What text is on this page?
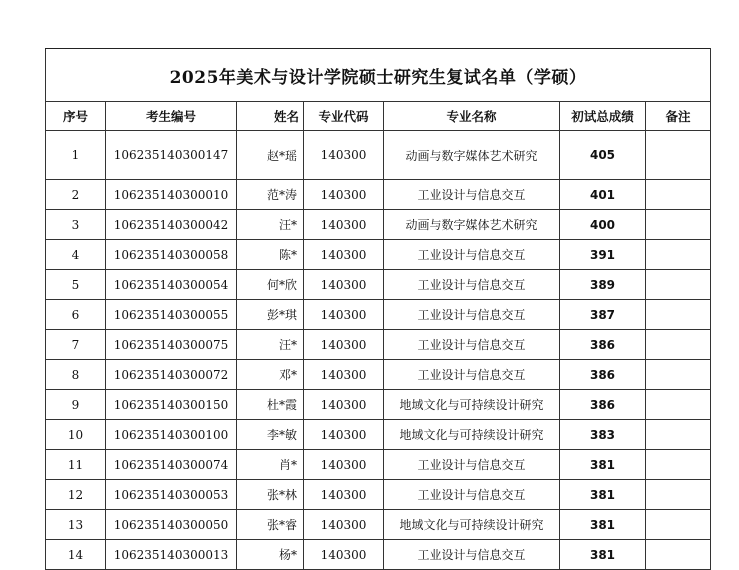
2025年美术与设计学院硕士研究生复试名单（学硕）						
序号	考生编号	姓名	专业代码	专业名称	初试总成绩	备注
1	106235140300147	赵*瑶	140300	动画与数字媒体艺术研究	405	
2	106235140300010	范*涛	140300	工业设计与信息交互	401	
3	106235140300042	汪*	140300	动画与数字媒体艺术研究	400	
4	106235140300058	陈*	140300	工业设计与信息交互	391	
5	106235140300054	何*欣	140300	工业设计与信息交互	389	
6	106235140300055	彭*琪	140300	工业设计与信息交互	387	
7	106235140300075	汪*	140300	工业设计与信息交互	386	
8	106235140300072	邓*	140300	工业设计与信息交互	386	
9	106235140300150	杜*霞	140300	地域文化与可持续设计研究	386	
10	106235140300100	李*敏	140300	地域文化与可持续设计研究	383	
11	106235140300074	肖*	140300	工业设计与信息交互	381	
12	106235140300053	张*林	140300	工业设计与信息交互	381	
13	106235140300050	张*睿	140300	地域文化与可持续设计研究	381	
14	106235140300013	杨*	140300	工业设计与信息交互	381	
